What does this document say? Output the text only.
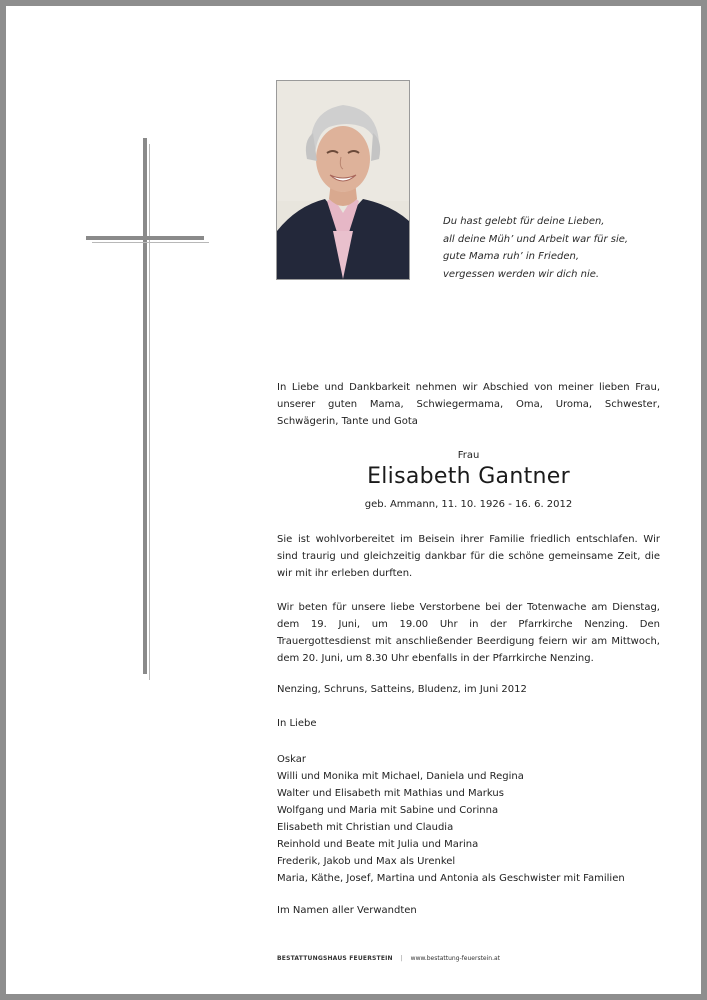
Du hast gelebt für deine Lieben,
all deine Müh’ und Arbeit war für sie,
gute Mama ruh’ in Frieden,
vergessen werden wir dich nie.
In Liebe und Dankbarkeit nehmen wir Abschied von meiner lieben Frau, unserer guten Mama, Schwiegermama, Oma, Uroma, Schwester, Schwägerin, Tante und Gota
Frau
Elisabeth Gantner
geb. Ammann, 11. 10. 1926 - 16. 6. 2012
Sie ist wohlvorbereitet im Beisein ihrer Familie friedlich entschlafen. Wir sind traurig und gleichzeitig dankbar für die schöne gemeinsame Zeit, die wir mit ihr erleben durften.
Wir beten für unsere liebe Verstorbene bei der Totenwache am Dienstag, dem 19. Juni, um 19.00 Uhr in der Pfarrkirche Nenzing. Den Trauergottesdienst mit anschließender Beerdigung feiern wir am Mittwoch, dem 20. Juni, um 8.30 Uhr ebenfalls in der Pfarrkirche Nenzing.
Nenzing, Schruns, Satteins, Bludenz, im Juni 2012
In Liebe
Oskar
Willi und Monika mit Michael, Daniela und Regina
Walter und Elisabeth mit Mathias und Markus
Wolfgang und Maria mit Sabine und Corinna
Elisabeth mit Christian und Claudia
Reinhold und Beate mit Julia und Marina
Frederik, Jakob und Max als Urenkel
Maria, Käthe, Josef, Martina und Antonia als Geschwister mit Familien
Im Namen aller Verwandten
BESTATTUNGSHAUS FEUERSTEIN | www.bestattung-feuerstein.at
